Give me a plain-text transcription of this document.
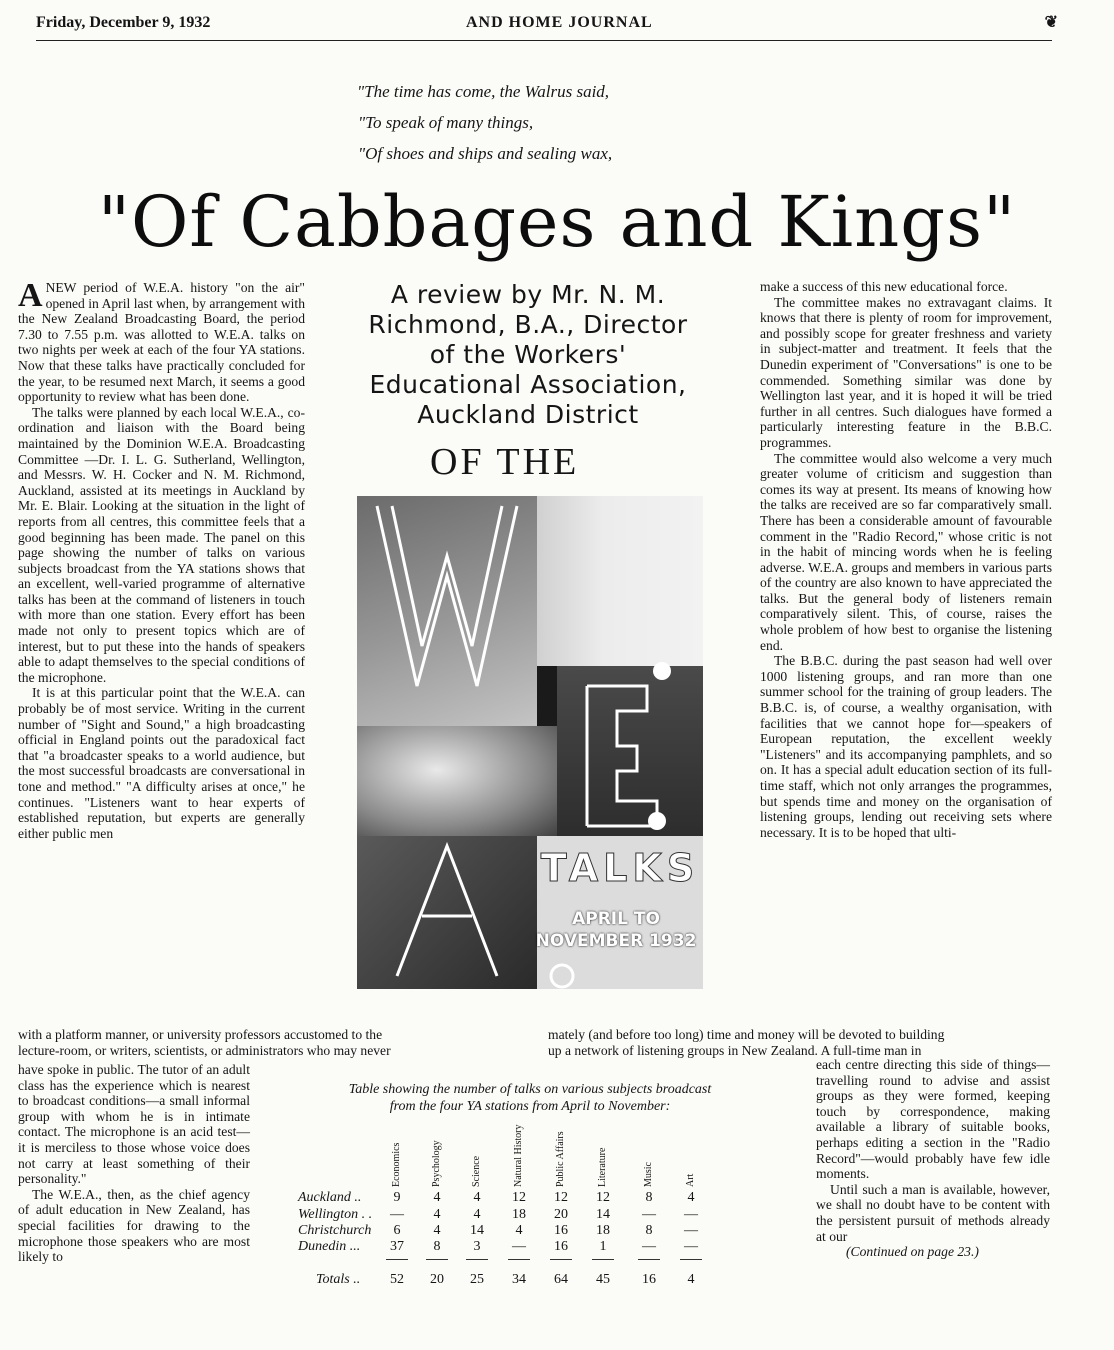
Friday, December 9, 1932	AND HOME JOURNAL	❦
"The time has come, the Walrus said,
"To speak of many things,
"Of shoes and ships and sealing wax,
"Of Cabbages and Kings"

ANEW period of W.E.A. history "on the air" opened in April last when, by arrangement with the New Zealand Broadcasting Board, the period 7.30 to 7.55 p.m. was allotted to W.E.A. talks on two nights per week at each of the four YA stations. Now that these talks have practically concluded for the year, to be resumed next March, it seems a good opportunity to review what has been done.

The talks were planned by each local W.E.A., co-ordination and liaison with the Board being maintained by the Dominion W.E.A. Broadcasting Committee —Dr. I. L. G. Sutherland, Wellington, and Messrs. W. H. Cocker and N. M. Richmond, Auckland, assisted at its meetings in Auckland by Mr. E. Blair. Looking at the situation in the light of reports from all centres, this committee feels that a good beginning has been made. The panel on this page showing the number of talks on various subjects broadcast from the YA stations shows that an excellent, well-varied programme of alternative talks has been at the command of listeners in touch with more than one station. Every effort has been made not only to present topics which are of interest, but to put these into the hands of speakers able to adapt themselves to the special conditions of the microphone.

It is at this particular point that the W.E.A. can probably be of most service. Writing in the current number of "Sight and Sound," a high broadcasting official in England points out the paradoxical fact that "a broadcaster speaks to a world audience, but the most successful broadcasts are conversational in tone and method." "A difficulty arises at once," he continues. "Listeners want to hear experts of established reputation, but experts are generally either public men

A review by Mr. N. M. Richmond, B.A., Director of the Workers' Educational Association, Auckland District
OF THE
TALKS
APRIL TO
NOVEMBER 1932

make a success of this new educational force.

The committee makes no extravagant claims. It knows that there is plenty of room for improvement, and possibly scope for greater freshness and variety in subject-matter and treatment. It feels that the Dunedin experiment of "Conversations" is one to be commended. Something similar was done by Wellington last year, and it is hoped it will be tried further in all centres. Such dialogues have formed a particularly interesting feature in the B.B.C. programmes.

The committee would also welcome a very much greater volume of criticism and suggestion than comes its way at present. Its means of knowing how the talks are received are so far comparatively small. There has been a considerable amount of favourable comment in the "Radio Record," whose critic is not in the habit of mincing words when he is feeling adverse. W.E.A. groups and members in various parts of the country are also known to have appreciated the talks. But the general body of listeners remain comparatively silent. This, of course, raises the whole problem of how best to organise the listening end.

The B.B.C. during the past season had well over 1000 listening groups, and ran more than one summer school for the training of group leaders. The B.B.C. is, of course, a wealthy organisation, with facilities that we cannot hope for—speakers of European reputation, the excellent weekly "Listeners" and its accompanying pamphlets, and so on. It has a special adult education section of its full-time staff, which not only arranges the programmes, but spends time and money on the organisation of listening groups, lending out receiving sets where necessary. It is to be hoped that ulti-

with a platform manner, or university professors accustomed to the
lecture-room, or writers, scientists, or administrators who may never
mately (and before too long) time and money will be devoted to building
up a network of listening groups in New Zealand. A full-time man in

have spoke in public. The tutor of an adult class has the experience which is nearest to broadcast conditions—a small informal group with whom he is in intimate contact. The microphone is an acid test—it is merciless to those whose voice does not carry at least something of their personality."

The W.E.A., then, as the chief agency of adult education in New Zealand, has special facilities for drawing to the microphone those speakers who are most likely to

Table showing the number of talks on various subjects broadcast
from the four YA stations from April to November:
Economics	Psychology	Science	Natural History	Public Affairs	Literature	Music	Art
Auckland ..	9	4	4	12	12	12	8	4
Wellington . .	—	4	4	18	20	14	—	—
Christchurch	6	4	14	4	16	18	8	—
Dunedin ...	37	8	3	—	16	1	—	—
Totals ..	52	20	25	34	64	45	16	4

each centre directing this side of things—travelling round to advise and assist groups as they were formed, keeping touch by correspondence, making available a library of suitable books, perhaps editing a section in the "Radio Record"—would probably have few idle moments.

Until such a man is available, however, we shall no doubt have to be content with the persistent pursuit of methods already at our

(Continued on page 23.)
